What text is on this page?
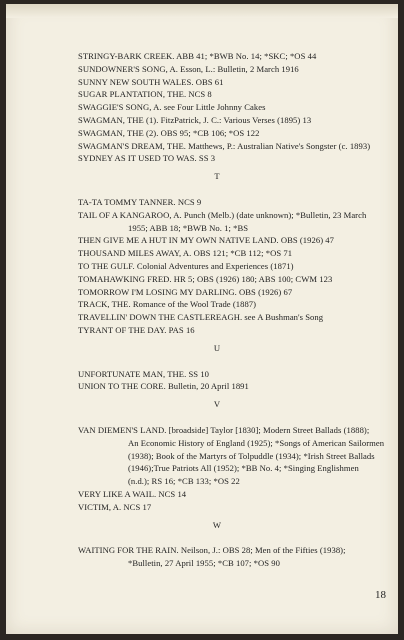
STRINGY-BARK CREEK. ABB 41; *BWB No. 14; *SKC; *OS 44
SUNDOWNER'S SONG, A. Esson, L.: Bulletin, 2 March 1916
SUNNY NEW SOUTH WALES. OBS 61
SUGAR PLANTATION, THE. NCS 8
SWAGGIE'S SONG, A. see Four Little Johnny Cakes
SWAGMAN, THE (1). FitzPatrick, J. C.: Various Verses (1895) 13
SWAGMAN, THE (2). OBS 95; *CB 106; *OS 122
SWAGMAN'S DREAM, THE. Matthews, P.: Australian Native's Songster (c. 1893)
SYDNEY AS IT USED TO WAS. SS 3
T
TA-TA TOMMY TANNER. NCS 9
TAIL OF A KANGAROO, A. Punch (Melb.) (date unknown); *Bulletin, 23 March
1955; ABB 18; *BWB No. 1; *BS
THEN GIVE ME A HUT IN MY OWN NATIVE LAND. OBS (1926) 47
THOUSAND MILES AWAY, A. OBS 121; *CB 112; *OS 71
TO THE GULF. Colonial Adventures and Experiences (1871)
TOMAHAWKING FRED. HR 5; OBS (1926) 180; ABS 100; CWM 123
TOMORROW I'M LOSING MY DARLING. OBS (1926) 67
TRACK, THE. Romance of the Wool Trade (1887)
TRAVELLIN' DOWN THE CASTLEREAGH. see A Bushman's Song
TYRANT OF THE DAY. PAS 16
U
UNFORTUNATE MAN, THE. SS 10
UNION TO THE CORE. Bulletin, 20 April 1891
V
VAN DIEMEN'S LAND. [broadside] Taylor [1830]; Modern Street Ballads (1888);
An Economic History of England (1925); *Songs of American Sailormen
(1938); Book of the Martyrs of Tolpuddle (1934); *Irish Street Ballads
(1946);True Patriots All (1952); *BB No. 4; *Singing Englishmen
(n.d.); RS 16; *CB 133; *OS 22
VERY LIKE A WAIL. NCS 14
VICTIM, A. NCS 17
W
WAITING FOR THE RAIN. Neilson, J.: OBS 28; Men of the Fifties (1938);
*Bulletin, 27 April 1955; *CB 107; *OS 90
18
